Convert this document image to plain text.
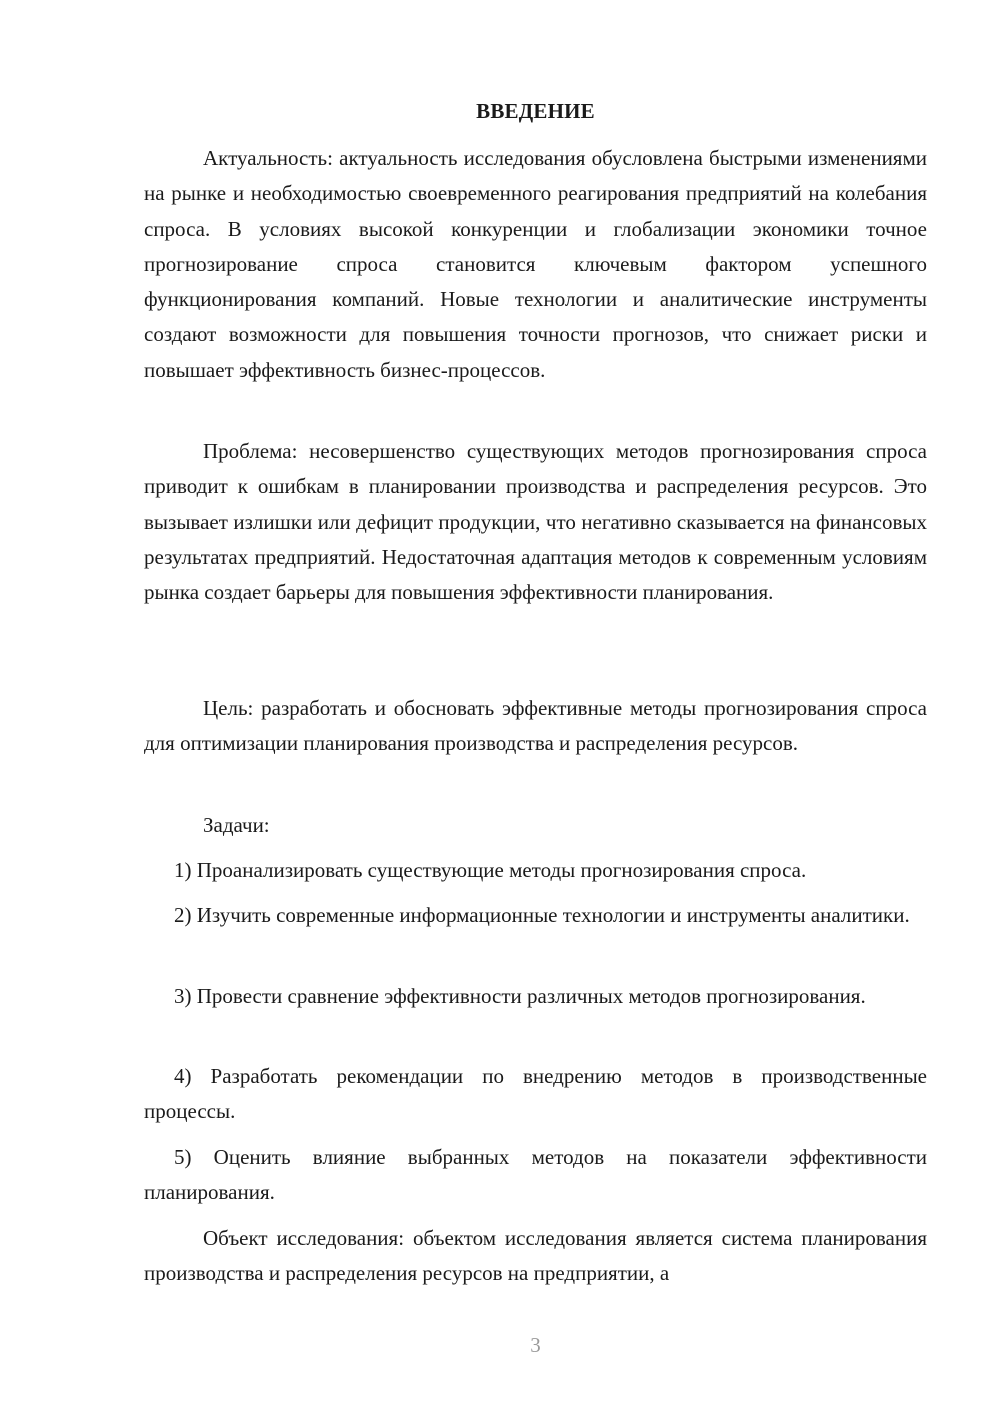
ВВЕДЕНИЕ

Актуальность: актуальность исследования обусловлена быстрыми изменениями на рынке и необходимостью своевременного реагирования предприятий на колебания спроса. В условиях высокой конкуренции и глобализации экономики точное прогнозирование спроса становится ключевым фактором успешного функционирования компаний. Новые технологии и аналитические инструменты создают возможности для повышения точности прогнозов, что снижает риски и повышает эффективность бизнес-процессов.

Проблема: несовершенство существующих методов прогнозирования спроса приводит к ошибкам в планировании производства и распределения ресурсов. Это вызывает излишки или дефицит продукции, что негативно сказывается на финансовых результатах предприятий. Недостаточная адаптация методов к современным условиям рынка создает барьеры для повышения эффективности планирования.

Цель: разработать и обосновать эффективные методы прогнозирования спроса для оптимизации планирования производства и распределения ресурсов.

Задачи:

1) Проанализировать существующие методы прогнозирования спроса.

2) Изучить современные информационные технологии и инструменты аналитики.

3) Провести сравнение эффективности различных методов прогнозирования.

4) Разработать рекомендации по внедрению методов в производственные процессы.

5) Оценить влияние выбранных методов на показатели эффективности планирования.

Объект исследования: объектом исследования является система планирования производства и распределения ресурсов на предприятии, а

3
